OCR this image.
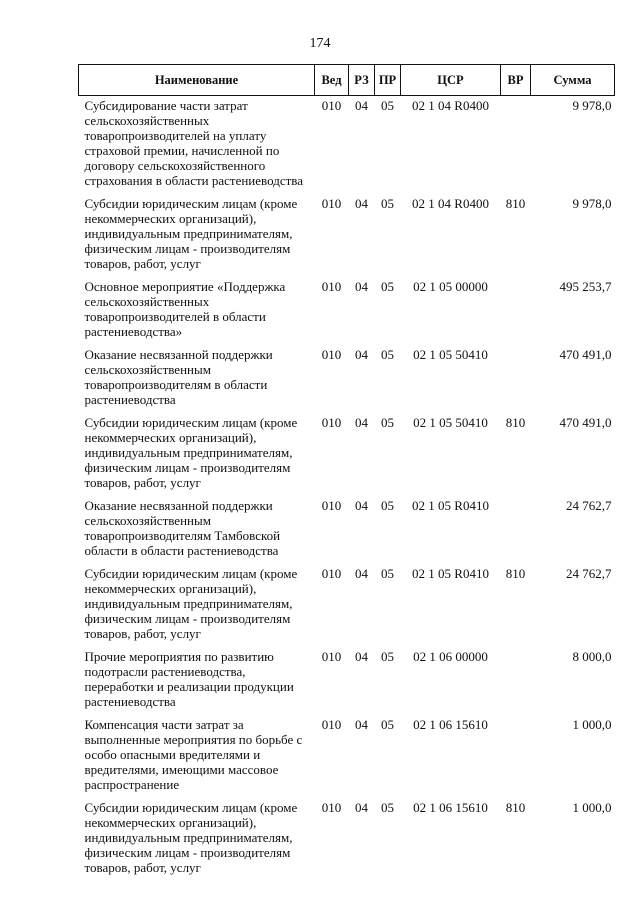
174
Наименование	Вед	РЗ	ПР	ЦСР	ВР	Сумма
Субсидирование части затрат сельскохозяйственных товаропроизводителей на уплату страховой премии, начисленной по договору сельскохозяйственного страхования в области растениеводства	010	04	05	02 1 04 R0400		9 978,0
Субсидии юридическим лицам (кроме некоммерческих организаций), индивидуальным предпринимателям, физическим лицам - производителям товаров, работ, услуг	010	04	05	02 1 04 R0400	810	9 978,0
Основное мероприятие «Поддержка сельскохозяйственных товаропроизводителей в области растениеводства»	010	04	05	02 1 05 00000		495 253,7
Оказание несвязанной поддержки сельскохозяйственным товаропроизводителям в области растениеводства	010	04	05	02 1 05 50410		470 491,0
Субсидии юридическим лицам (кроме некоммерческих организаций), индивидуальным предпринимателям, физическим лицам - производителям товаров, работ, услуг	010	04	05	02 1 05 50410	810	470 491,0
Оказание несвязанной поддержки сельскохозяйственным товаропроизводителям Тамбовской области в области растениеводства	010	04	05	02 1 05 R0410		24 762,7
Субсидии юридическим лицам (кроме некоммерческих организаций), индивидуальным предпринимателям, физическим лицам - производителям товаров, работ, услуг	010	04	05	02 1 05 R0410	810	24 762,7
Прочие мероприятия по развитию подотрасли растениеводства, переработки и реализации продукции растениеводства	010	04	05	02 1 06 00000		8 000,0
Компенсация части затрат за выполненные мероприятия по борьбе с особо опасными вредителями и вредителями, имеющими массовое распространение	010	04	05	02 1 06 15610		1 000,0
Субсидии юридическим лицам (кроме некоммерческих организаций), индивидуальным предпринимателям, физическим лицам - производителям товаров, работ, услуг	010	04	05	02 1 06 15610	810	1 000,0
